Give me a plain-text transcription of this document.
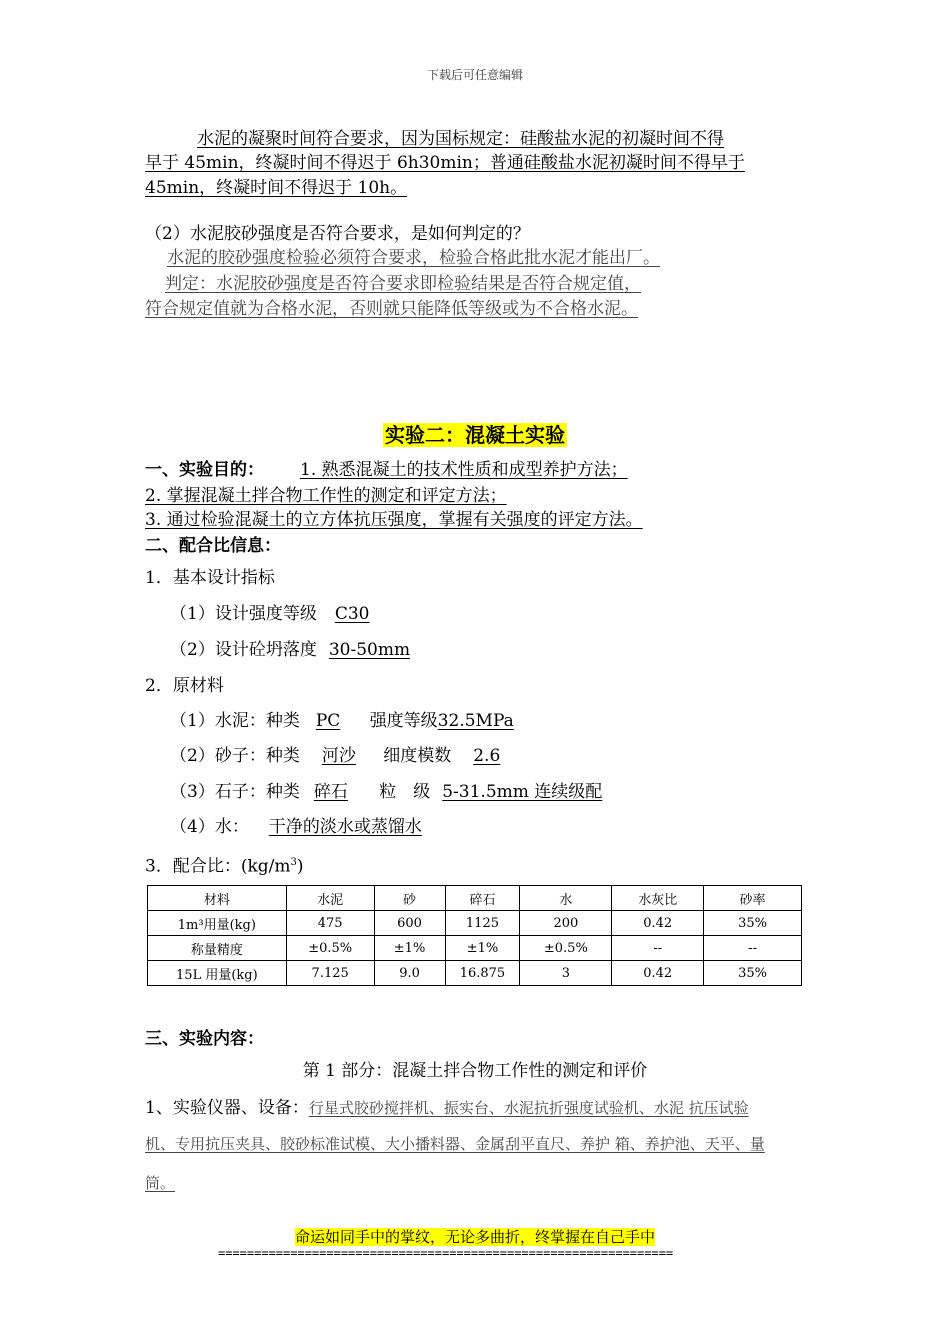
下载后可任意编辑
水泥的凝聚时间符合要求，因为国标规定：硅酸盐水泥的初凝时间不得
早于 45min，终凝时间不得迟于 6h30min；普通硅酸盐水泥初凝时间不得早于
45min，终凝时间不得迟于 10h。
（2）水泥胶砂强度是否符合要求，是如何判定的？
水泥的胶砂强度检验必须符合要求，检验合格此批水泥才能出厂。
判定：水泥胶砂强度是否符合要求即检验结果是否符合规定值，
符合规定值就为合格水泥，否则就只能降低等级或为不合格水泥。
实验二：混凝土实验
一、实验目的： 1. 熟悉混凝土的技术性质和成型养护方法；
2. 掌握混凝土拌合物工作性的测定和评定方法；
3. 通过检验混凝土的立方体抗压强度，掌握有关强度的评定方法。
二、配合比信息：
1．基本设计指标
（1）设计强度等级 C30
（2）设计砼坍落度 30-50mm
2．原材料
（1）水泥：种类 PC 强度等级32.5MPa
（2）砂子：种类 河沙 细度模数 2.6
（3）石子：种类 碎石 粒　级 5-31.5mm 连续级配
（4）水： 干净的淡水或蒸馏水
3．配合比：$(kg/m^3)$
材料	水泥	砂	碎石	水	水灰比	砂率
1m³用量(kg)	475	600	1125	200	0.42	35%
称量精度	±0.5%	±1%	±1%	±0.5%	--	--
15L 用量(kg)	7.125	9.0	16.875	3	0.42	35%
三、实验内容：
第 1 部分：混凝土拌合物工作性的测定和评价
1、实验仪器、设备：行星式胶砂搅拌机、振实台、水泥抗折强度试验机、水泥 抗压试验
机、专用抗压夹具、胶砂标准试模、大小播料器、金属刮平直尺、养护 箱、养护池、天平、量
筒。
命运如同手中的掌纹，无论多曲折，终掌握在自己手中
===============================================================
